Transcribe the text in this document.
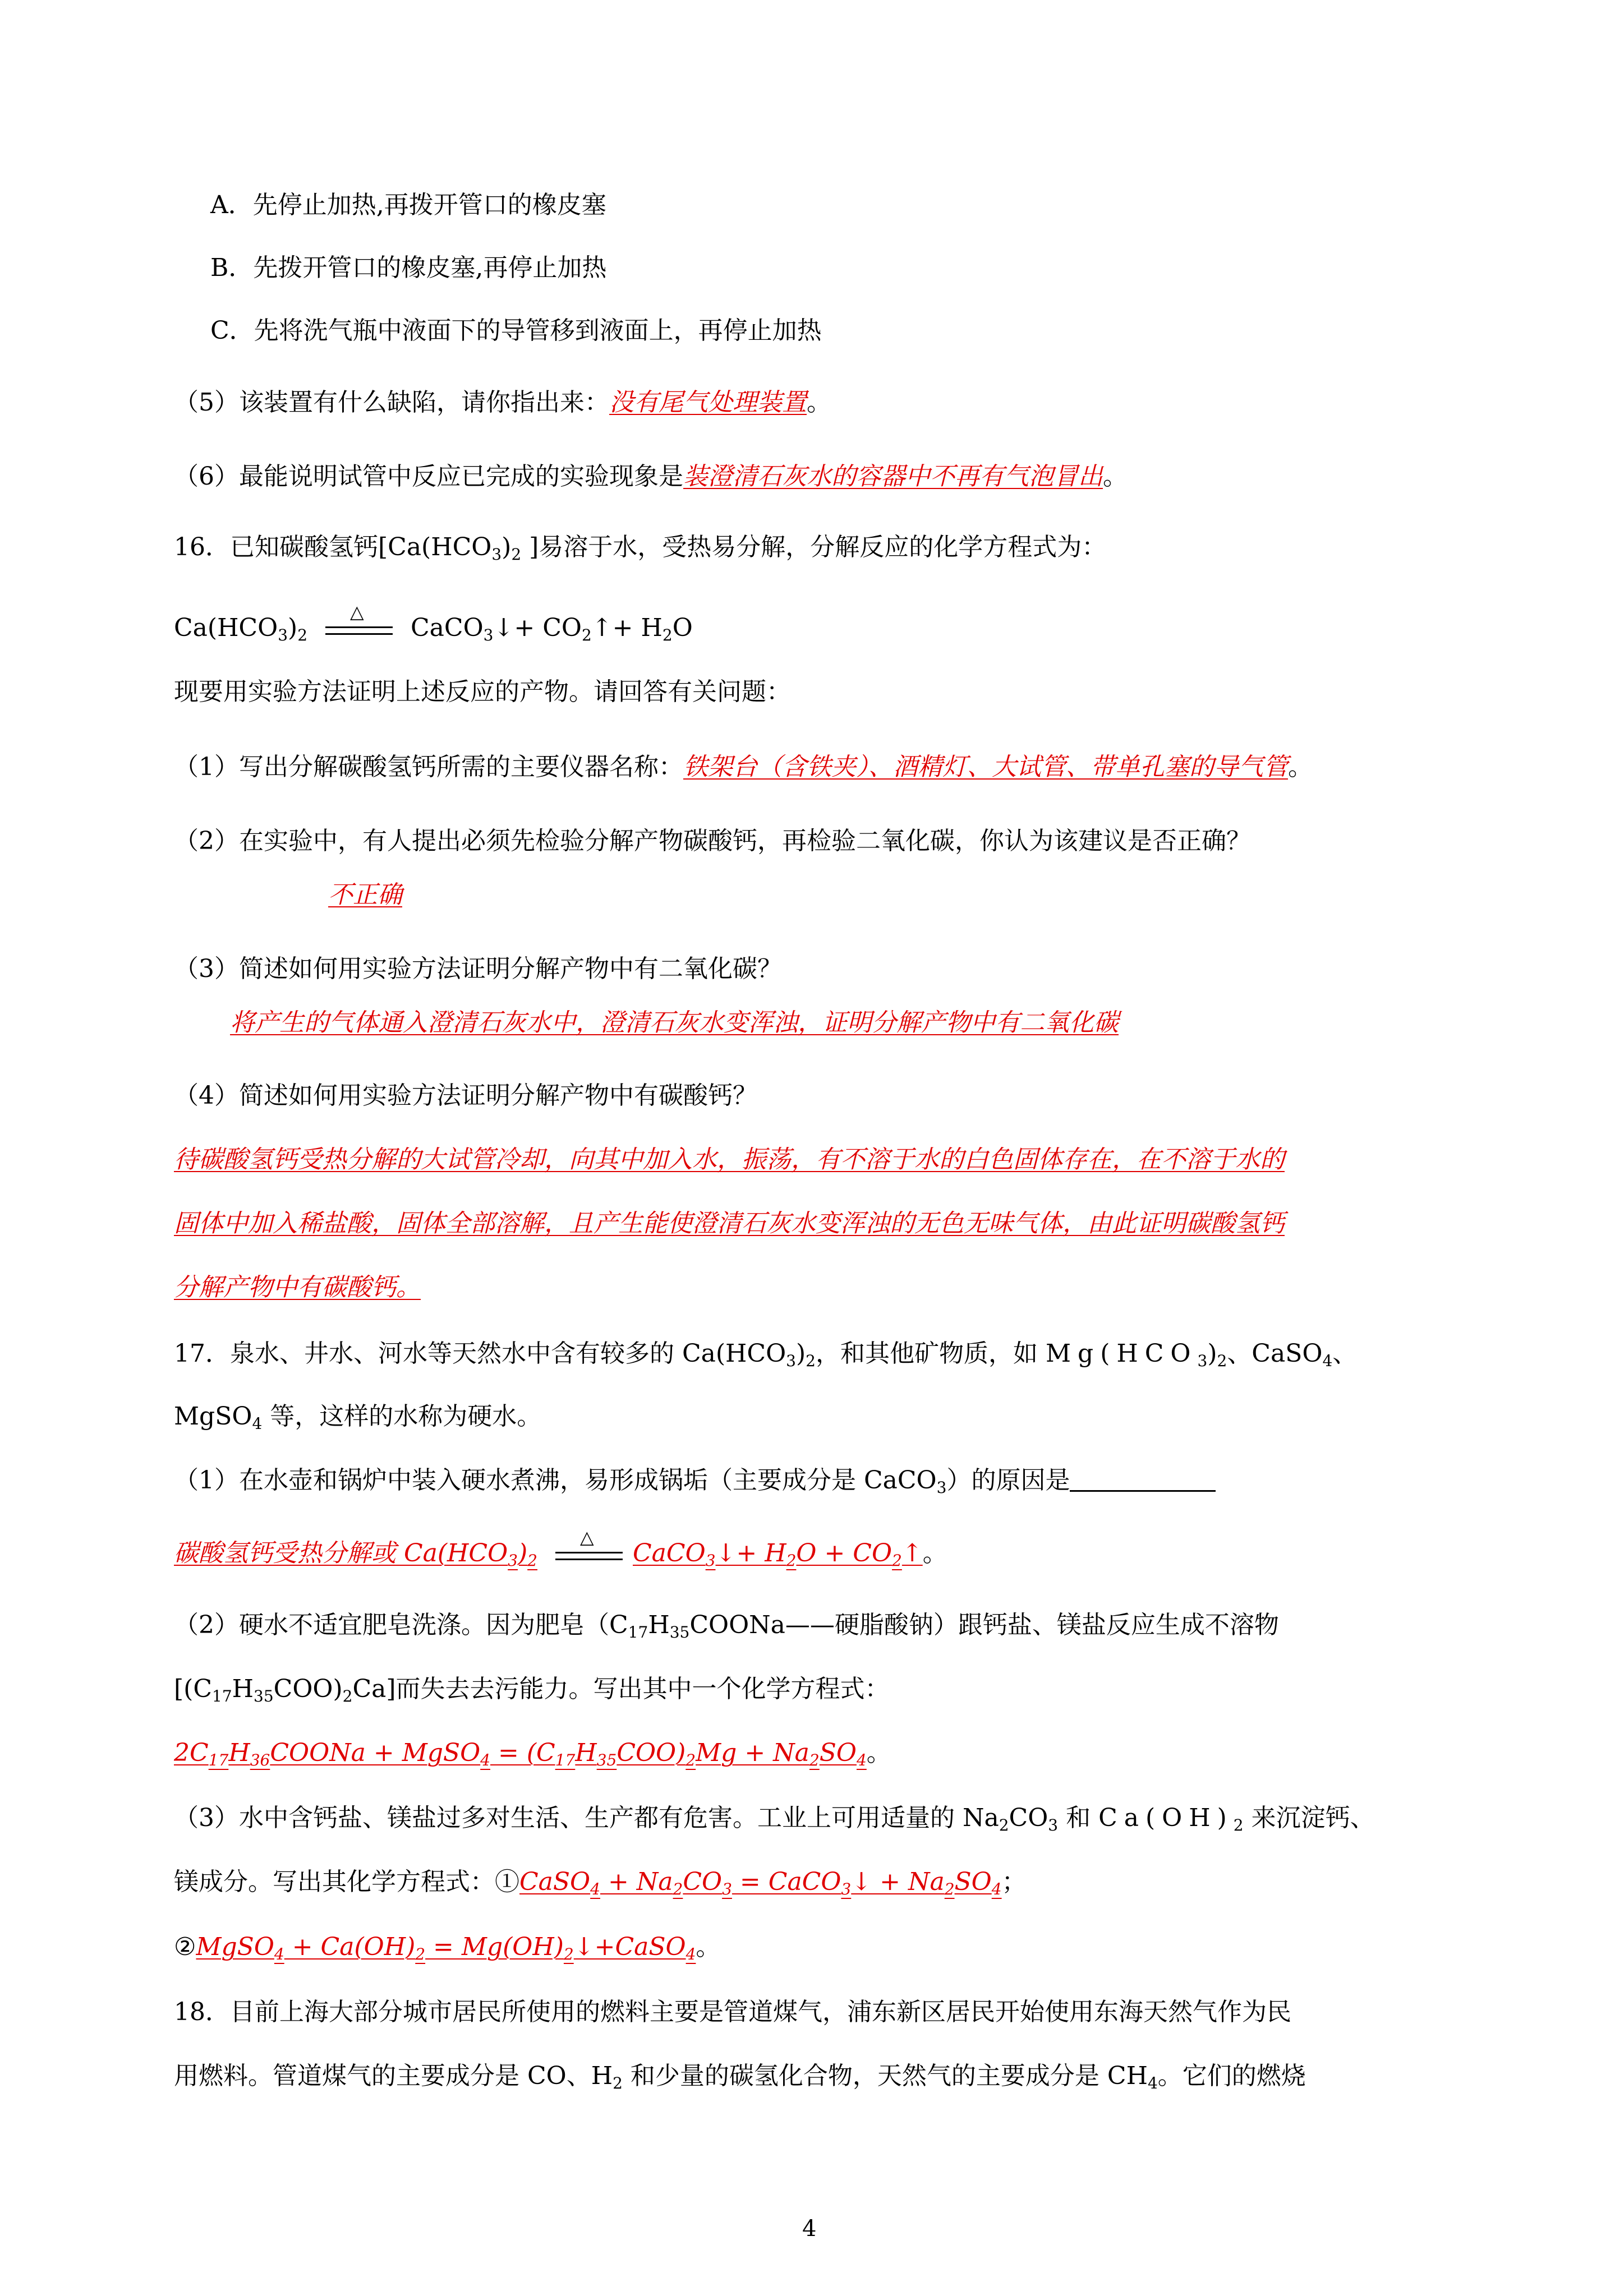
A．先停止加热,再拨开管口的橡皮塞
B．先拨开管口的橡皮塞,再停止加热
C．先将洗气瓶中液面下的导管移到液面上，再停止加热
（5）该装置有什么缺陷，请你指出来：没有尾气处理装置。
（6）最能说明试管中反应已完成的实验现象是装澄清石灰水的容器中不再有气泡冒出。
16．已知碳酸氢钙[$Ca(HCO_3)_2$ ]易溶于水，受热易分解，分解反应的化学方程式为：
$Ca(HCO_3)_2$
△
CaCO$_3$↓+ $CO_2↑+ H_2O$
现要用实验方法证明上述反应的产物。请回答有关问题：
（1）写出分解碳酸氢钙所需的主要仪器名称：铁架台（含铁夹）、酒精灯、大试管、带单孔塞的导气管。
（2）在实验中，有人提出必须先检验分解产物碳酸钙，再检验二氧化碳，你认为该建议是否正确？
不正确
（3）简述如何用实验方法证明分解产物中有二氧化碳？
将产生的气体通入澄清石灰水中，澄清石灰水变浑浊，证明分解产物中有二氧化碳
（4）简述如何用实验方法证明分解产物中有碳酸钙？
待碳酸氢钙受热分解的大试管冷却，向其中加入水，振荡，有不溶于水的白色固体存在，在不溶于水的
固体中加入稀盐酸，固体全部溶解，且产生能使澄清石灰水变浑浊的无色无味气体，由此证明碳酸氢钙
分解产物中有碳酸钙。
17．泉水、井水、河水等天然水中含有较多的 $Ca(HCO_3)_2$，和其他矿物质，如 $Mg(HCO_3)_2$、CaSO$_4$、
MgSO$_4$ 等，这样的水称为硬水。
（1）在水壶和锅炉中装入硬水煮沸，易形成锅垢（主要成分是 CaCO$_3$）的原因是
碳酸氢钙受热分解或 $Ca(HCO_3)_2$
△
CaCO$_3$↓+ $H_2O$ + $CO_2↑$。
（2）硬水不适宜肥皂洗涤。因为肥皂（$C_{17}H_{35}COONa——$硬脂酸钠）跟钙盐、镁盐反应生成不溶物
$[(C_{17}H_{35}COO)_2Ca]$而失去去污能力。写出其中一个化学方程式：
$2C_{17}H_{36}COONa$ + MgSO$_4$ = $(C_{17}H_{35}COO)_2Mg + Na_2SO_4$。
（3）水中含钙盐、镁盐过多对生活、生产都有危害。工业上可用适量的 $Na_2CO_3$ 和 $Ca(OH)_2$ 来沉淀钙、
镁成分。写出其化学方程式：①CaSO$_4$ + $Na_2CO_3$ = CaCO$_3$↓ + $Na_2SO_4$；
②MgSO$_4$ + $Ca(OH)_2$ = $Mg(OH)_2↓+CaSO_4$。
18．目前上海大部分城市居民所使用的燃料主要是管道煤气，浦东新区居民开始使用东海天然气作为民
用燃料。管道煤气的主要成分是 CO、$H_2$ 和少量的碳氢化合物，天然气的主要成分是 $CH_4$。它们的燃烧
4
